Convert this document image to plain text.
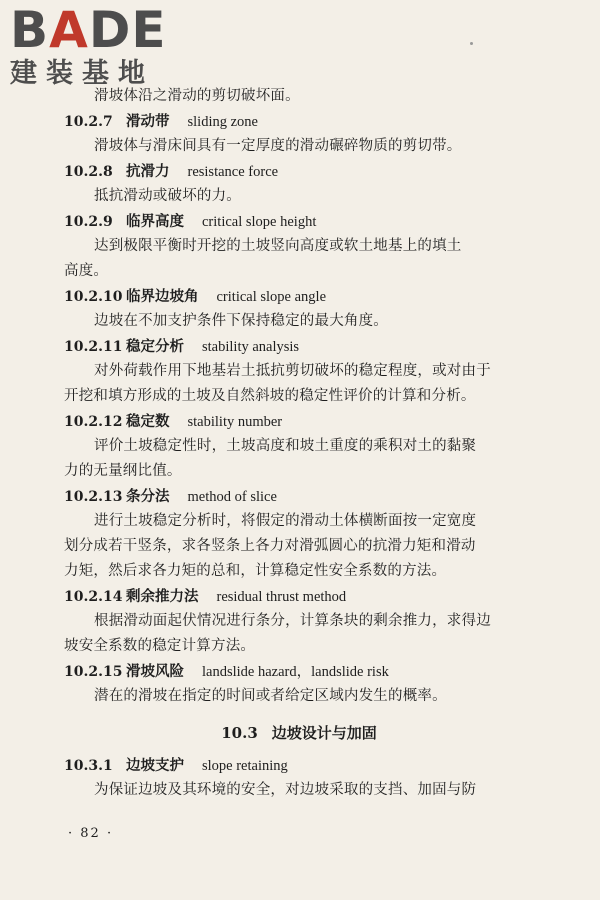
BADE
建装基地

滑坡体沿之滑动的剪切破坏面。

10.2.7 滑动带 sliding zone

滑坡体与滑床间具有一定厚度的滑动碾碎物质的剪切带。

10.2.8 抗滑力 resistance force

抵抗滑动或破坏的力。

10.2.9 临界高度 critical slope height

达到极限平衡时开挖的土坡竖向高度或软土地基上的填土

高度。

10.2.10 临界边坡角 critical slope angle

边坡在不加支护条件下保持稳定的最大角度。

10.2.11 稳定分析 stability analysis

对外荷载作用下地基岩土抵抗剪切破坏的稳定程度，或对由于

开挖和填方形成的土坡及自然斜坡的稳定性评价的计算和分析。

10.2.12 稳定数 stability number

评价土坡稳定性时，土坡高度和坡土重度的乘积对土的黏聚

力的无量纲比值。

10.2.13 条分法 method of slice

进行土坡稳定分析时，将假定的滑动土体横断面按一定宽度

划分成若干竖条，求各竖条上各力对滑弧圆心的抗滑力矩和滑动

力矩，然后求各力矩的总和，计算稳定性安全系数的方法。

10.2.14 剩余推力法 residual thrust method

根据滑动面起伏情况进行条分，计算条块的剩余推力，求得边

坡安全系数的稳定计算方法。

10.2.15 滑坡风险 landslide hazard，landslide risk

潜在的滑坡在指定的时间或者给定区域内发生的概率。

10.3 边坡设计与加固
10.3.1 边坡支护 slope retaining

为保证边坡及其环境的安全，对边坡采取的支挡、加固与防

· 82 ·
